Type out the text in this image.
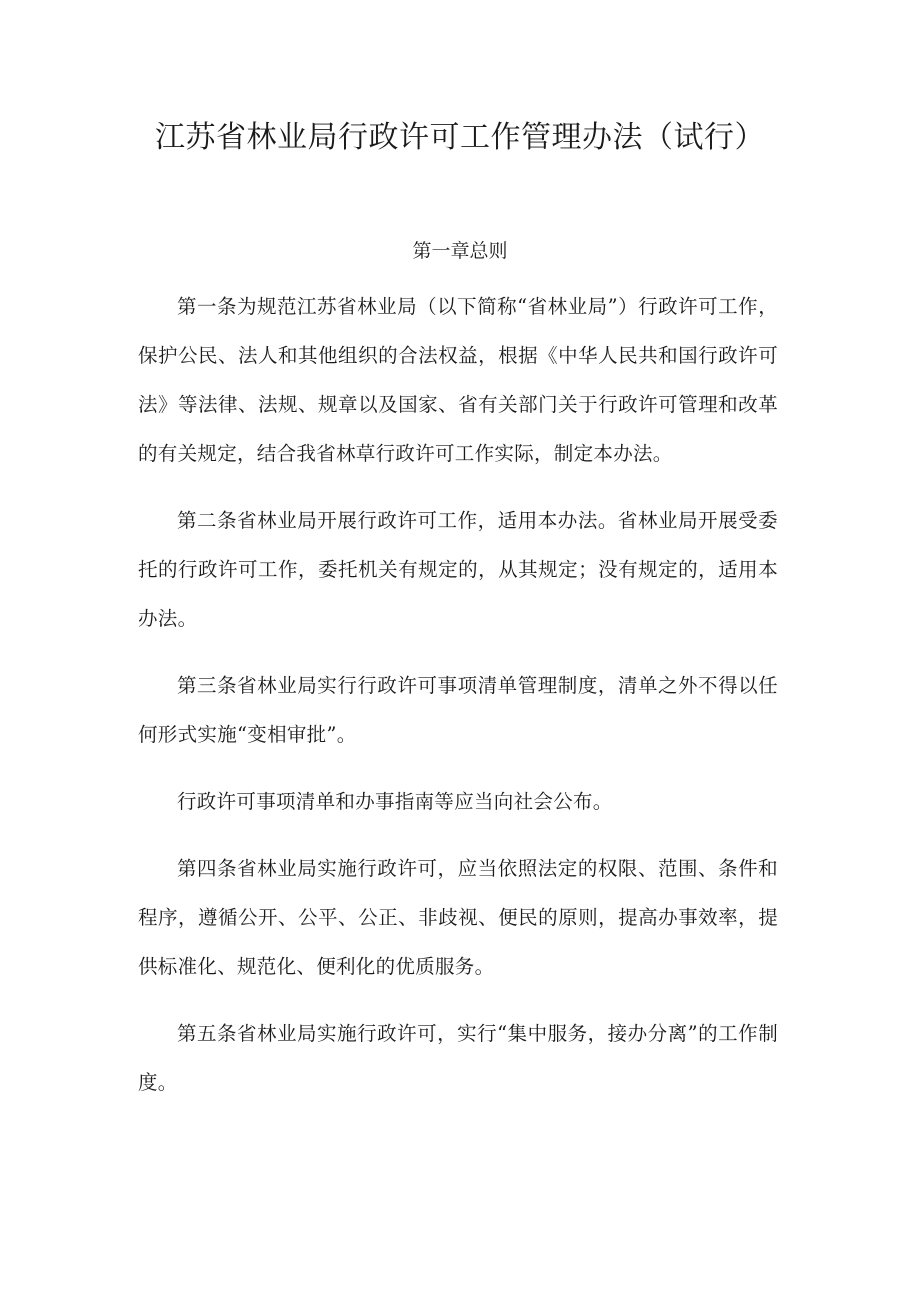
江苏省林业局行政许可工作管理办法（试行）
第一章总则

第一条为规范江苏省林业局（以下简称“省林业局”）行政许可工作，保护公民、法人和其他组织的合法权益，根据《中华人民共和国行政许可法》等法律、法规、规章以及国家、省有关部门关于行政许可管理和改革的有关规定，结合我省林草行政许可工作实际，制定本办法。

第二条省林业局开展行政许可工作，适用本办法。省林业局开展受委托的行政许可工作，委托机关有规定的，从其规定；没有规定的，适用本办法。

第三条省林业局实行行政许可事项清单管理制度，清单之外不得以任何形式实施“变相审批”。

行政许可事项清单和办事指南等应当向社会公布。

第四条省林业局实施行政许可，应当依照法定的权限、范围、条件和程序，遵循公开、公平、公正、非歧视、便民的原则，提高办事效率，提供标准化、规范化、便利化的优质服务。

第五条省林业局实施行政许可，实行“集中服务，接办分离”的工作制度。
